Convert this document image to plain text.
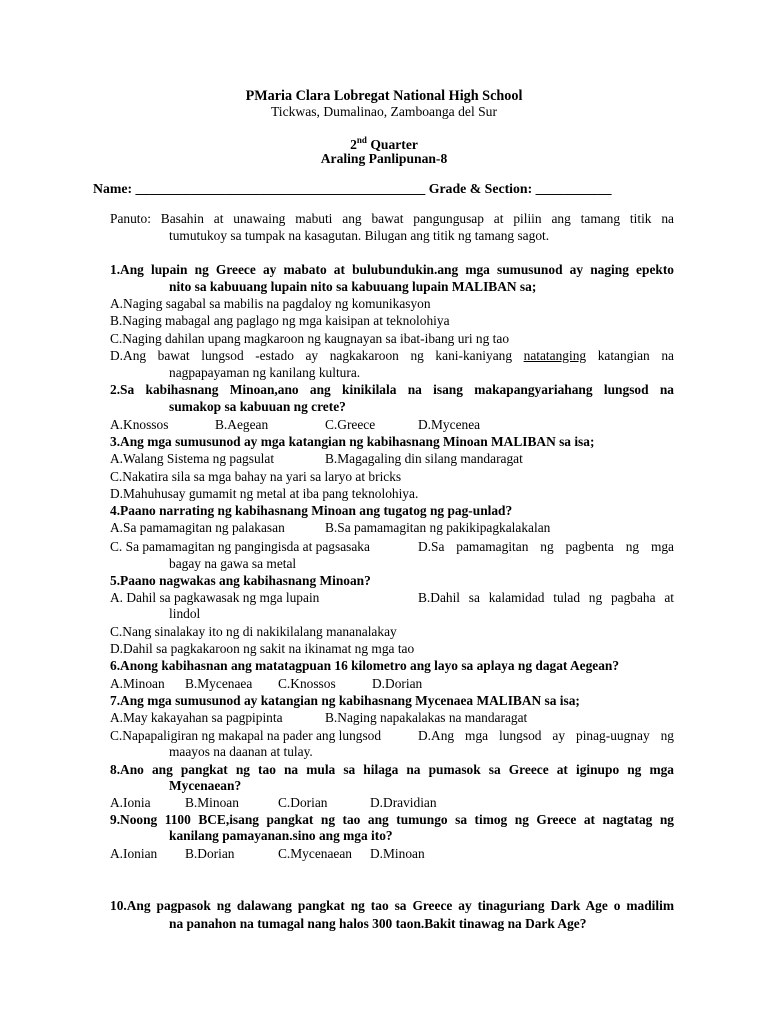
PMaria Clara Lobregat National High School
Tickwas, Dumalinao, Zamboanga del Sur
2nd Quarter
Araling Panlipunan-8
Name: __________________________________________ Grade & Section: ___________
Panuto: Basahin at unawaing mabuti ang bawat pangungusap at piliin ang tamang titik na
tumutukoy sa tumpak na kasagutan. Bilugan ang titik ng tamang sagot.
1.Ang lupain ng Greece ay mabato at bulubundukin.ang mga sumusunod ay naging epekto
nito sa kabuuang lupain nito sa kabuuang lupain MALIBAN sa;
A.Naging sagabal sa mabilis na pagdaloy ng komunikasyon
B.Naging mabagal ang paglago ng mga kaisipan at teknolohiya
C.Naging dahilan upang magkaroon ng kaugnayan sa ibat-ibang uri ng tao
D.Ang bawat lungsod -estado ay nagkakaroon ng kani-kaniyang natatanging katangian na
nagpapayaman ng kanilang kultura.
2.Sa kabihasnang Minoan,ano ang kinikilala na isang makapangyariahang lungsod na
sumakop sa kabuuan ng crete?
A.Knossos	B.Aegean	C.Greece	D.Mycenea
3.Ang mga sumusunod ay mga katangian ng kabihasnang Minoan MALIBAN sa isa;
A.Walang Sistema ng pagsulat	B.Magagaling din silang mandaragat
C.Nakatira sila sa mga bahay na yari sa laryo at bricks
D.Mahuhusay gumamit ng metal at iba pang teknolohiya.
4.Paano narrating ng kabihasnang Minoan ang tugatog ng pag-unlad?
A.Sa pamamagitan ng palakasan	B.Sa pamamagitan ng pakikipagkalakalan
C. Sa pamamagitan ng pangingisda at pagsasaka	D.Sa pamamagitan ng pagbenta ng mga
bagay na gawa sa metal
5.Paano nagwakas ang kabihasnang Minoan?
A. Dahil sa pagkawasak ng mga lupain	B.Dahil sa kalamidad tulad ng pagbaha at
lindol
C.Nang sinalakay ito ng di nakikilalang mananalakay
D.Dahil sa pagkakaroon ng sakit na ikinamat ng mga tao
6.Anong kabihasnan ang matatagpuan 16 kilometro ang layo sa aplaya ng dagat Aegean?
A.Minoan B.Mycenaea C.Knossos	D.Dorian
7.Ang mga sumusunod ay katangian ng kabihasnang Mycenaea MALIBAN sa isa;
A.May kakayahan sa pagpipinta	B.Naging napakalakas na mandaragat
C.Napapaligiran ng makapal na pader ang lungsod	D.Ang mga lungsod ay pinag-uugnay ng
maayos na daanan at tulay.
8.Ano ang pangkat ng tao na mula sa hilaga na pumasok sa Greece at iginupo ng mga
Mycenaean?
A.Ionia	B.Minoan	C.Dorian	D.Dravidian
9.Noong 1100 BCE,isang pangkat ng tao ang tumungo sa timog ng Greece at nagtatag ng
kanilang pamayanan.sino ang mga ito?
A.Ionian B.Dorian	C.Mycenaean D.Minoan
10.Ang pagpasok ng dalawang pangkat ng tao sa Greece ay tinaguriang Dark Age o madilim
na panahon na tumagal nang halos 300 taon.Bakit tinawag na Dark Age?
